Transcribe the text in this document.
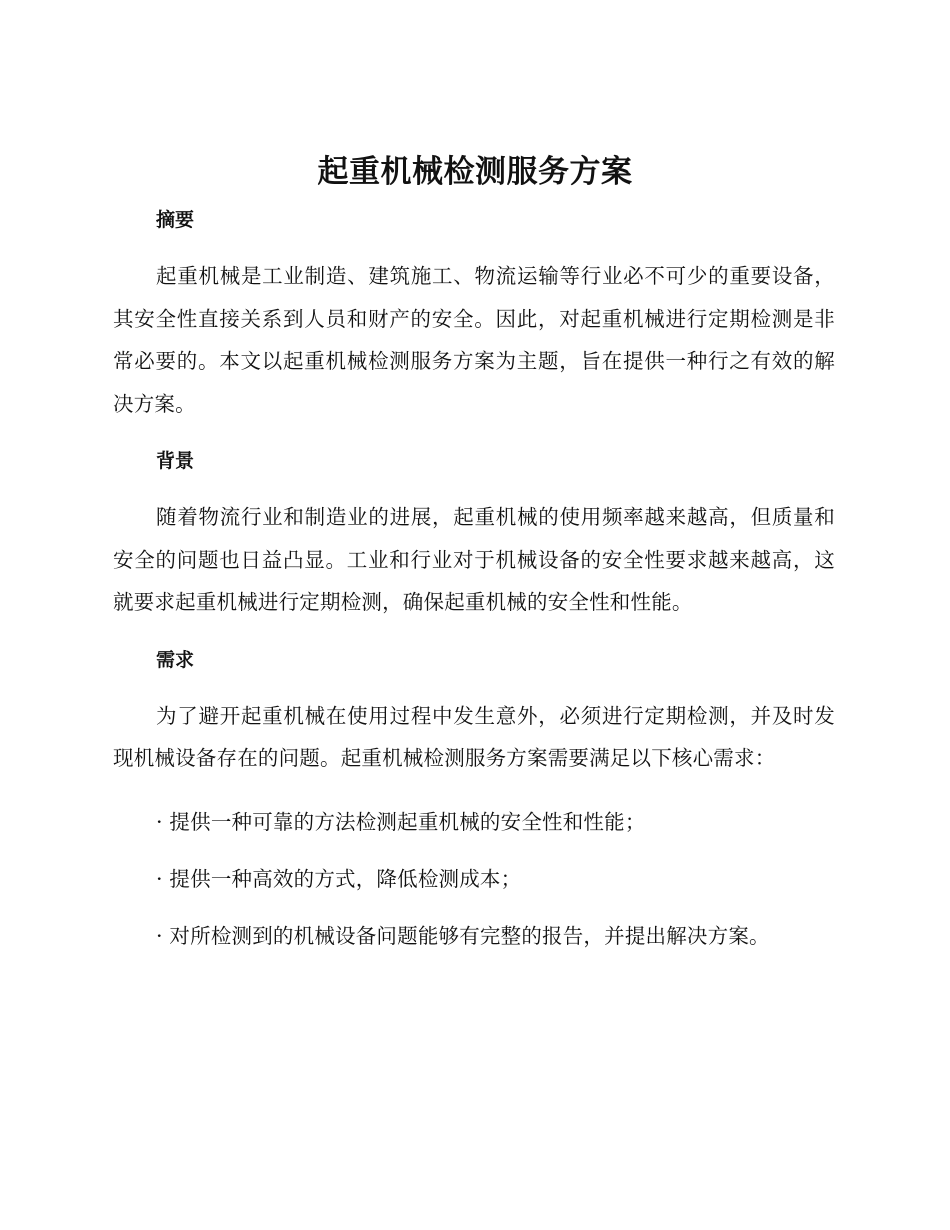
起重机械检测服务方案
摘要

起重机械是工业制造、建筑施工、物流运输等行业必不可少的重要设备，其安全性直接关系到人员和财产的安全。因此，对起重机械进行定期检测是非常必要的。本文以起重机械检测服务方案为主题，旨在提供一种行之有效的解决方案。

背景

随着物流行业和制造业的进展，起重机械的使用频率越来越高，但质量和安全的问题也日益凸显。工业和行业对于机械设备的安全性要求越来越高，这就要求起重机械进行定期检测，确保起重机械的安全性和性能。

需求

为了避开起重机械在使用过程中发生意外，必须进行定期检测，并及时发现机械设备存在的问题。起重机械检测服务方案需要满足以下核心需求：

· 提供一种可靠的方法检测起重机械的安全性和性能；

· 提供一种高效的方式，降低检测成本；

· 对所检测到的机械设备问题能够有完整的报告，并提出解决方案。
